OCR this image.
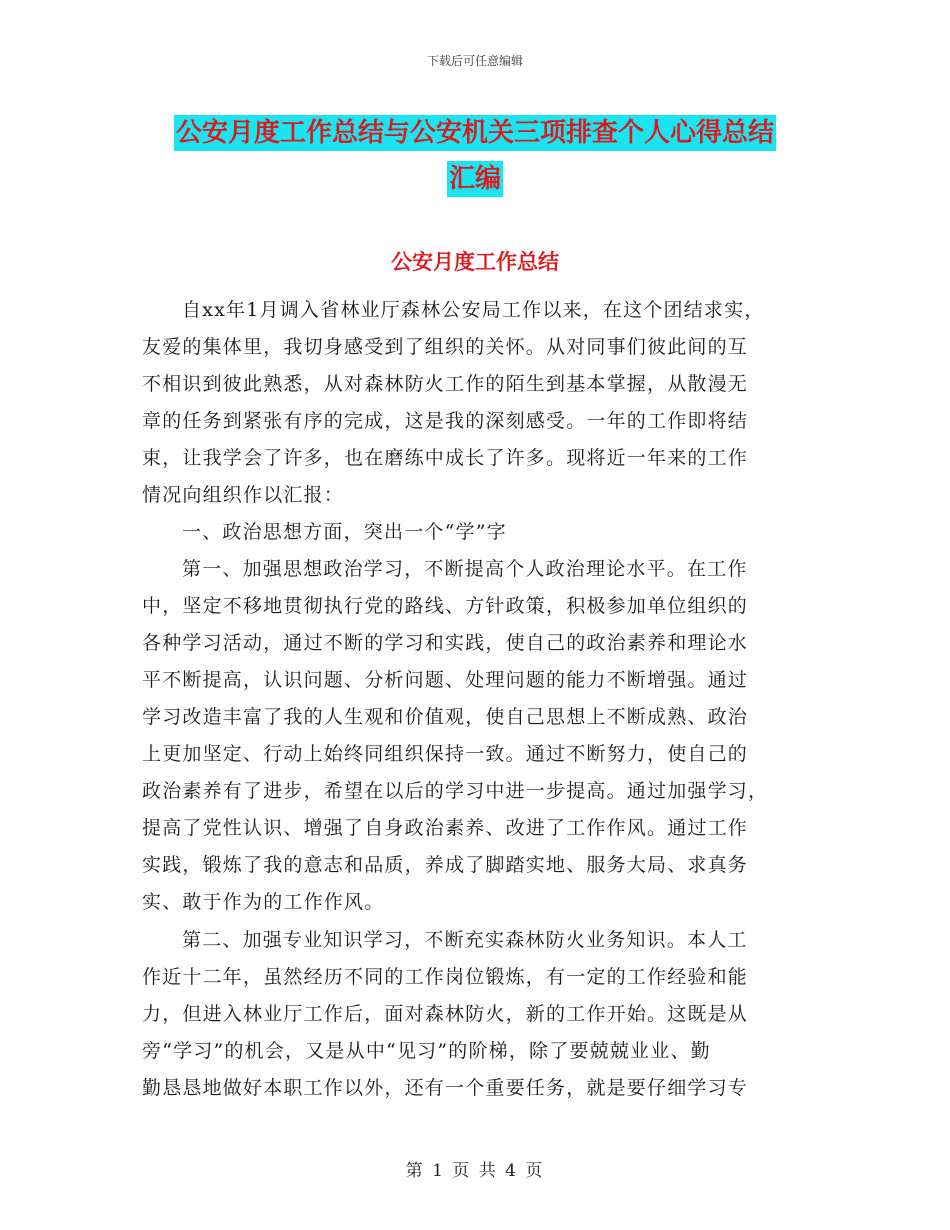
下载后可任意编辑
公安月度工作总结与公安机关三项排查个人心得总结
汇编
公安月度工作总结
自xx年1月调入省林业厅森林公安局工作以来，在这个团结求实，
友爱的集体里，我切身感受到了组织的关怀。从对同事们彼此间的互
不相识到彼此熟悉，从对森林防火工作的陌生到基本掌握，从散漫无
章的任务到紧张有序的完成，这是我的深刻感受。一年的工作即将结
束，让我学会了许多，也在磨练中成长了许多。现将近一年来的工作
情况向组织作以汇报：
一、政治思想方面，突出一个“学”字
第一、加强思想政治学习，不断提高个人政治理论水平。在工作
中，坚定不移地贯彻执行党的路线、方针政策，积极参加单位组织的
各种学习活动，通过不断的学习和实践，使自己的政治素养和理论水
平不断提高，认识问题、分析问题、处理问题的能力不断增强。通过
学习改造丰富了我的人生观和价值观，使自己思想上不断成熟、政治
上更加坚定、行动上始终同组织保持一致。通过不断努力，使自己的
政治素养有了进步，希望在以后的学习中进一步提高。通过加强学习，
提高了党性认识、增强了自身政治素养、改进了工作作风。通过工作
实践，锻炼了我的意志和品质，养成了脚踏实地、服务大局、求真务
实、敢于作为的工作作风。
第二、加强专业知识学习，不断充实森林防火业务知识。本人工
作近十二年，虽然经历不同的工作岗位锻炼，有一定的工作经验和能
力，但进入林业厅工作后，面对森林防火，新的工作开始。这既是从
旁“学习”的机会，又是从中“见习”的阶梯，除了要兢兢业业、勤
勤恳恳地做好本职工作以外，还有一个重要任务，就是要仔细学习专
第 1 页 共 4 页
